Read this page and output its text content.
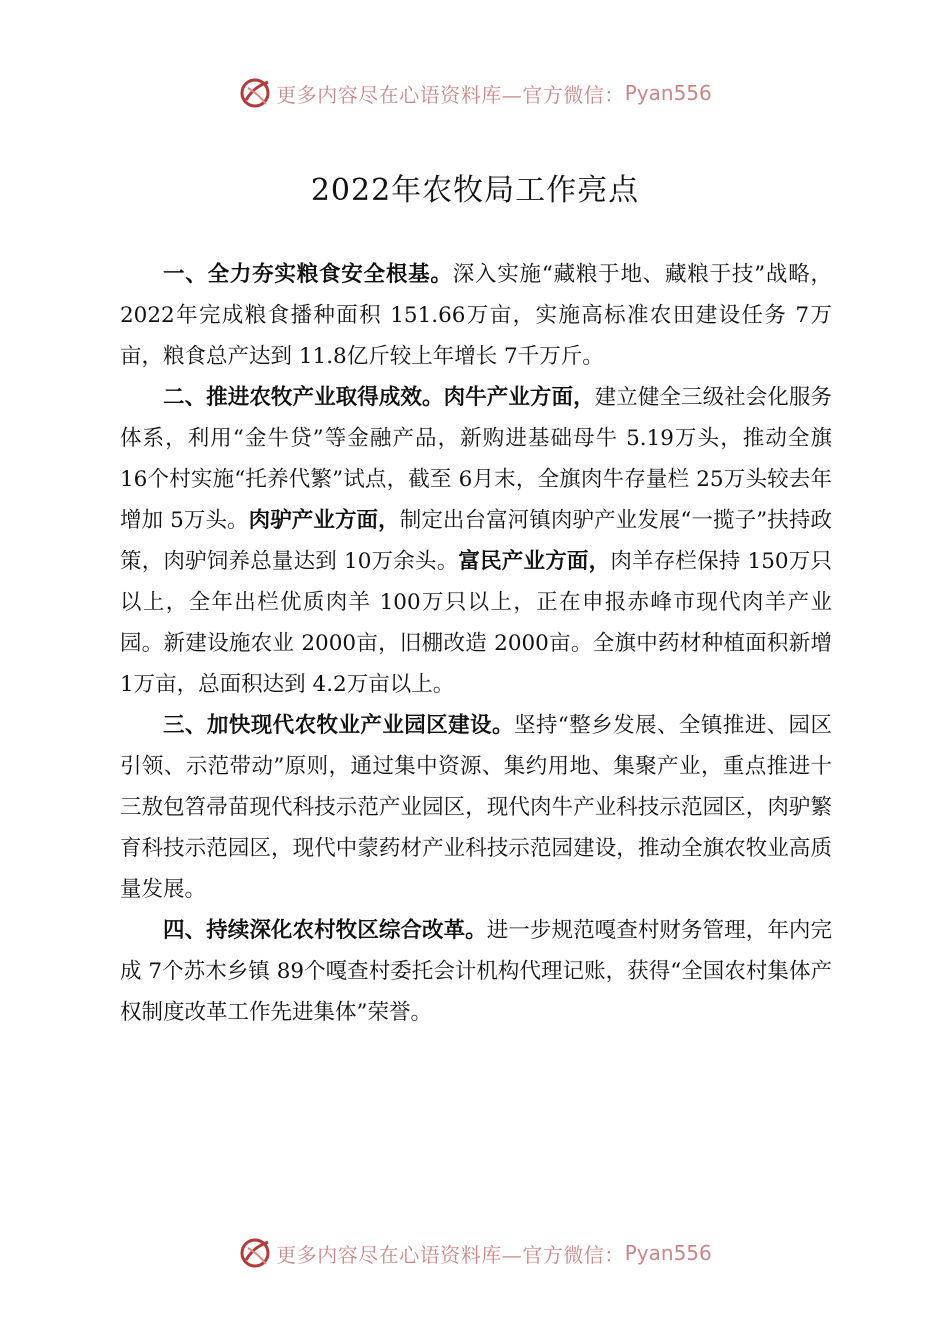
更多内容尽在心语资料库—官方微信： Pyan556
2022年农牧局工作亮点

一、全力夯实粮食安全根基。深入实施“藏粮于地、藏粮于技”战略，2022年完成粮食播种面积 151.66万亩，实施高标准农田建设任务 7万亩，粮食总产达到 11.8亿斤较上年增长 7千万斤。

二、推进农牧产业取得成效。肉牛产业方面，建立健全三级社会化服务体系，利用“金牛贷”等金融产品，新购进基础母牛 5.19万头，推动全旗 16个村实施“托养代繁”试点，截至 6月末，全旗肉牛存量栏 25万头较去年增加 5万头。肉驴产业方面，制定出台富河镇肉驴产业发展“一揽子”扶持政策，肉驴饲养总量达到 10万余头。富民产业方面，肉羊存栏保持 150万只以上，全年出栏优质肉羊 100万只以上，正在申报赤峰市现代肉羊产业园。新建设施农业 2000亩，旧棚改造 2000亩。全旗中药材种植面积新增 1万亩，总面积达到 4.2万亩以上。

三、加快现代农牧业产业园区建设。坚持“整乡发展、全镇推进、园区引领、示范带动”原则，通过集中资源、集约用地、集聚产业，重点推进十三敖包笤帚苗现代科技示范产业园区，现代肉牛产业科技示范园区，肉驴繁育科技示范园区，现代中蒙药材产业科技示范园建设，推动全旗农牧业高质量发展。

四、持续深化农村牧区综合改革。进一步规范嘎查村财务管理，年内完成 7个苏木乡镇 89个嘎查村委托会计机构代理记账，获得“全国农村集体产权制度改革工作先进集体”荣誉。

更多内容尽在心语资料库—官方微信： Pyan556
